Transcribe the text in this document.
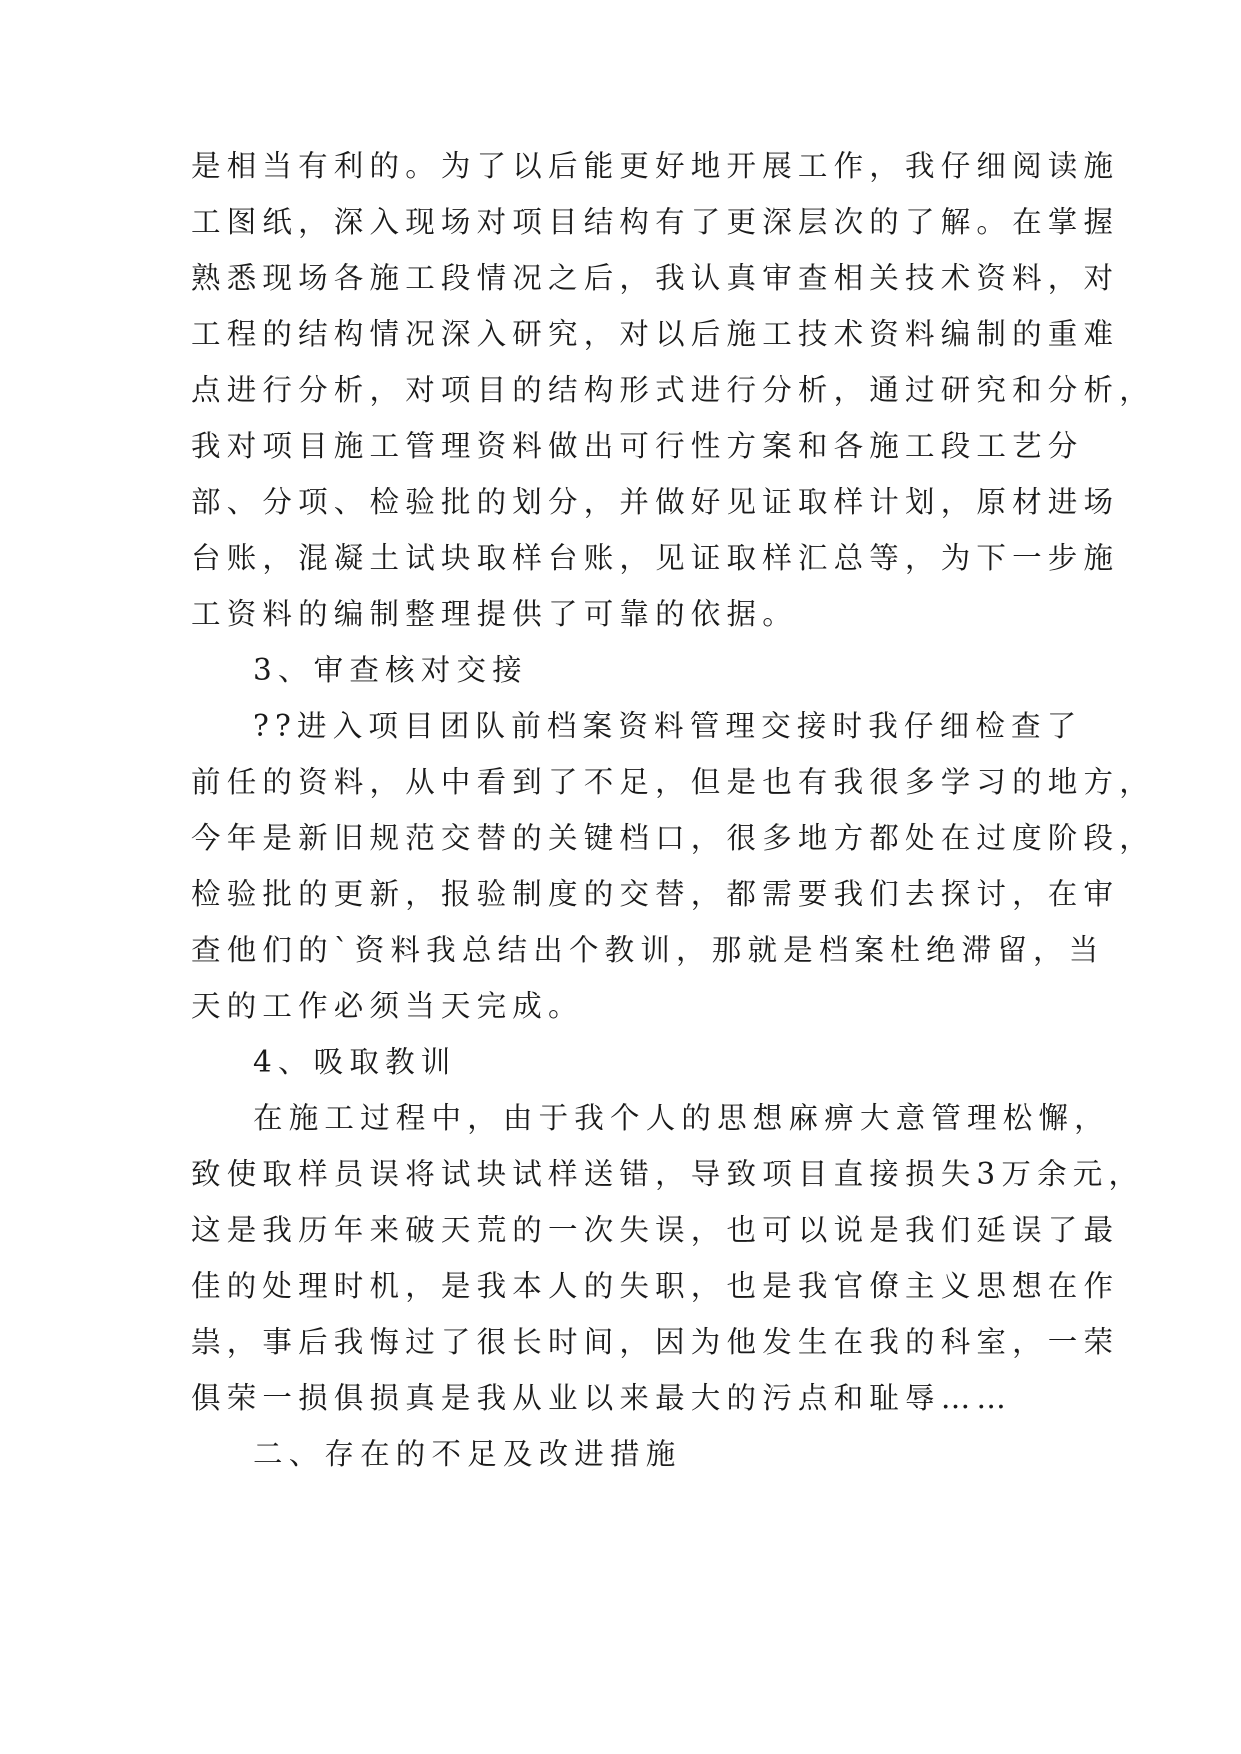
是相当有利的。为了以后能更好地开展工作，我仔细阅读施
工图纸，深入现场对项目结构有了更深层次的了解。在掌握
熟悉现场各施工段情况之后，我认真审查相关技术资料，对
工程的结构情况深入研究，对以后施工技术资料编制的重难
点进行分析，对项目的结构形式进行分析，通过研究和分析，
我对项目施工管理资料做出可行性方案和各施工段工艺分
部、分项、检验批的划分，并做好见证取样计划，原材进场
台账，混凝土试块取样台账，见证取样汇总等，为下一步施
工资料的编制整理提供了可靠的依据。
3、审查核对交接
??进入项目团队前档案资料管理交接时我仔细检查了
前任的资料，从中看到了不足，但是也有我很多学习的地方，
今年是新旧规范交替的关键档口，很多地方都处在过度阶段，
检验批的更新，报验制度的交替，都需要我们去探讨，在审
查他们的`资料我总结出个教训，那就是档案杜绝滞留，当
天的工作必须当天完成。
4、吸取教训
在施工过程中，由于我个人的思想麻痹大意管理松懈，
致使取样员误将试块试样送错，导致项目直接损失3万余元，
这是我历年来破天荒的一次失误，也可以说是我们延误了最
佳的处理时机，是我本人的失职，也是我官僚主义思想在作
祟，事后我悔过了很长时间，因为他发生在我的科室，一荣
俱荣一损俱损真是我从业以来最大的污点和耻辱……
二、存在的不足及改进措施
